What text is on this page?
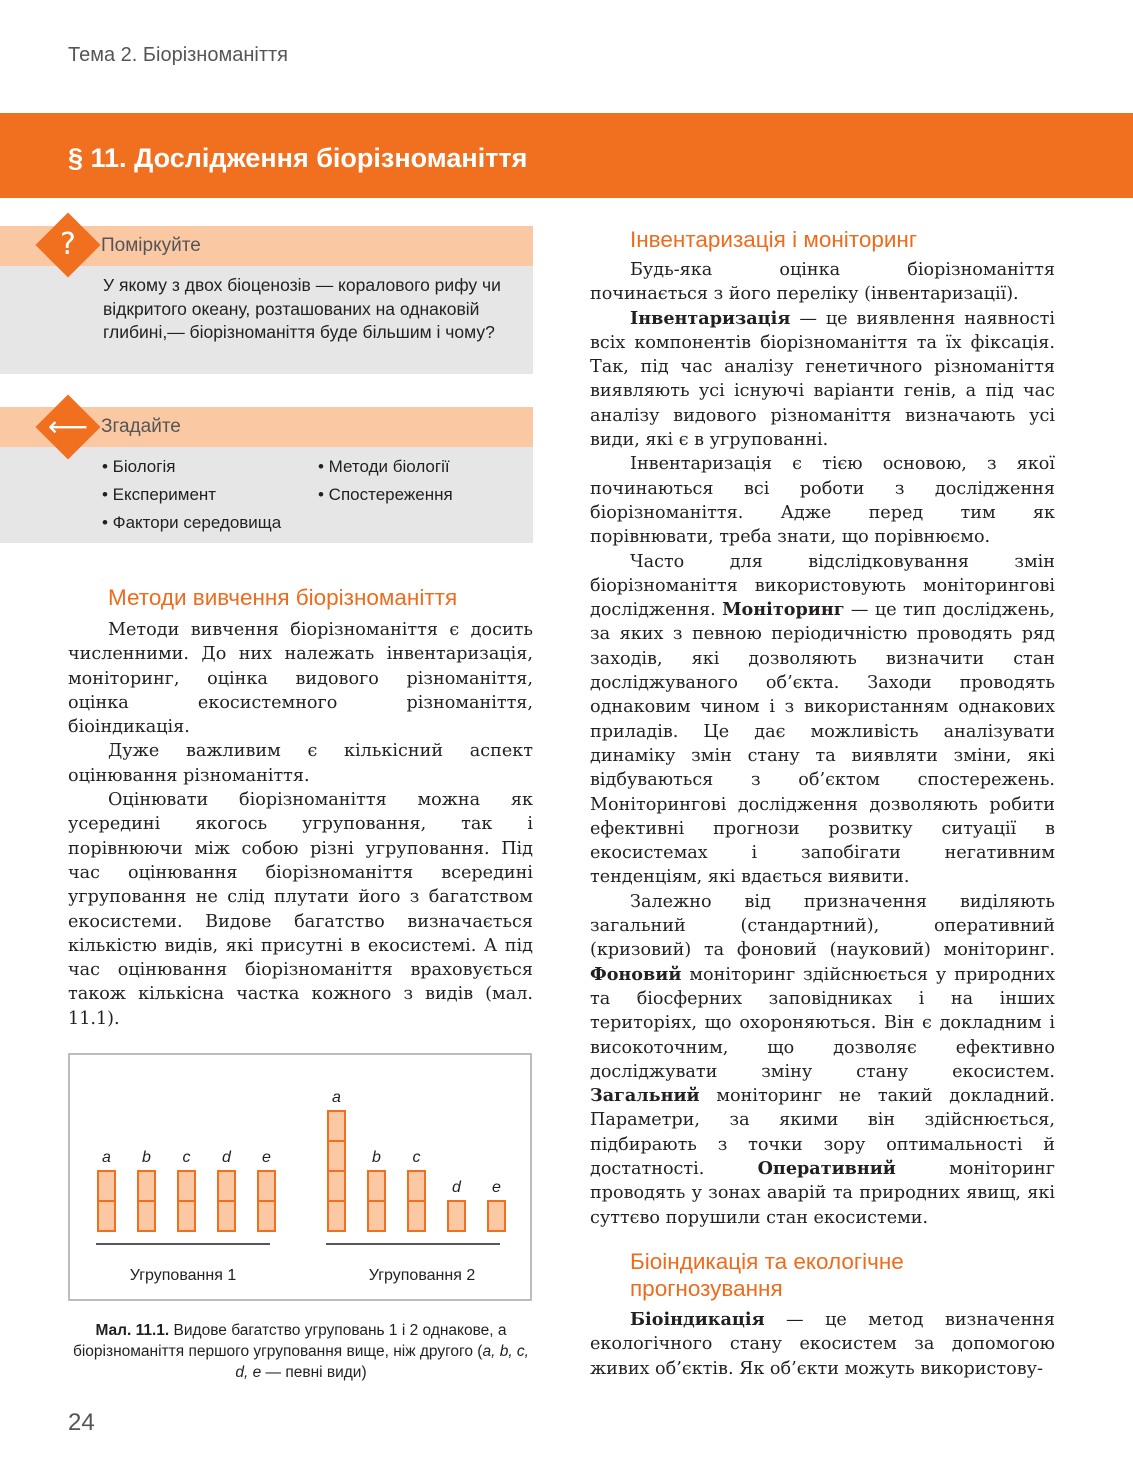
Тема 2. Біорізноманіття
§ 11. Дослідження біорізноманіття
?	Поміркуйте
У якому з двох біоценозів — коралового рифу чи відкритого океану, розташованих на однаковій глибині,— біорізноманіття буде більшим і чому?
⟵ Згадайте
• Біологія	• Методи біології
• Експеримент	• Спостереження
• Фактори середовища
Методи вивчення біорізноманіття

Методи вивчення біорізноманіття є досить численними. До них належать інвентаризація, моніторинг, оцінка видового різноманіття, оцінка екосистемного різноманіття, біоіндикація.

Дуже важливим є кількісний аспект оцінювання різноманіття.

Оцінювати біорізноманіття можна як усередині якогось угруповання, так і порівнюючи між собою різні угруповання. Під час оцінювання біорізноманіття всередині угруповання не слід плутати його з багатством екосистеми. Видове багатство визначається кількістю видів, які присутні в екосистемі. А під час оцінювання біорізноманіття враховується також кількісна частка кожного з видів (мал. 11.1).

a b c d e
Угруповання 1
a
b c
d e
Угруповання 2
Мал. 11.1. Видове багатство угруповань 1 і 2 однакове, а біорізноманіття першого угруповання вище, ніж другого (a, b, c, d, e — певні види)
24
Інвентаризація і моніторинг

Будь-яка оцінка біорізноманіття починається з його переліку (інвентаризації).

Інвентаризація — це виявлення наявності всіх компонентів біорізноманіття та їх фіксація. Так, під час аналізу генетичного різноманіття виявляють усі існуючі варіанти генів, а під час аналізу видового різноманіття визначають усі види, які є в угрупованні.

Інвентаризація є тією основою, з якої починаються всі роботи з дослідження біорізноманіття. Адже перед тим як порівнювати, треба знати, що порівнюємо.

Часто для відслідковування змін біорізноманіття використовують моніторингові дослідження. Моніторинг — це тип досліджень, за яких з певною періодичністю проводять ряд заходів, які дозволяють визначити стан досліджуваного об’єкта. Заходи проводять однаковим чином і з використанням однакових приладів. Це дає можливість аналізувати динаміку змін стану та виявляти зміни, які відбуваються з об’єктом спостережень. Моніторингові дослідження дозволяють робити ефективні прогнози розвитку ситуації в екосистемах і запобігати негативним тенденціям, які вдається виявити.

Залежно від призначення виділяють загальний (стандартний), оперативний (кризовий) та фоновий (науковий) моніторинг. Фоновий моніторинг здійснюється у природних та біосферних заповідниках і на інших територіях, що охороняються. Він є докладним і високоточним, що дозволяє ефективно досліджувати зміну стану екосистем. Загальний моніторинг не такий докладний. Параметри, за якими він здійснюється, підбирають з точки зору оптимальності й достатності. Оперативний моніторинг проводять у зонах аварій та природних явищ, які суттєво порушили стан екосистеми.

Біоіндикація та екологічне прогнозування

Біоіндикація — це метод визначення екологічного стану екосистем за допомогою живих об’єктів. Як об’єкти можуть використову-
